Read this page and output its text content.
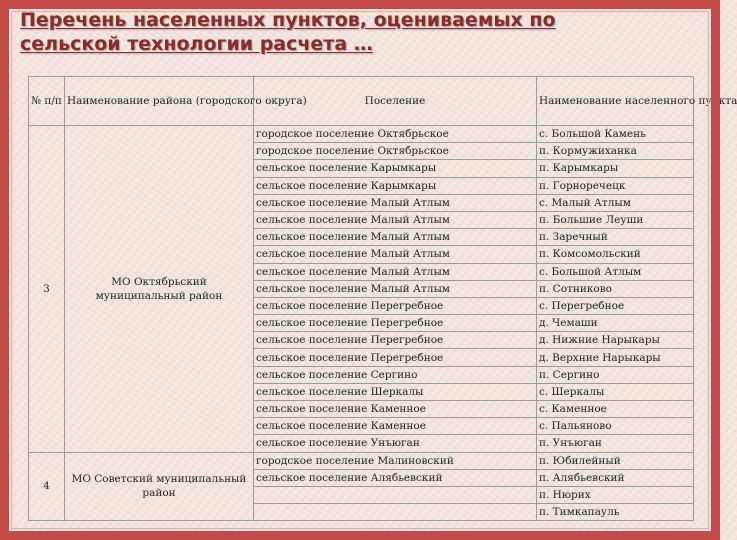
Перечень населенных пунктов, оцениваемых по сельской технологии расчета …
№ п/п	Наименование района (городского округа)	Поселение	Наименование населенного пункта
3	МО Октябрьский муниципальный район	городское поселение Октябрьское	с. Большой Камень
		городское поселение Октябрьское	п. Кормужиханка
		сельское поселение Карымкары	п. Карымкары
		сельское поселение Карымкары	п. Горноречецк
		сельское поселение Малый Атлым	с. Малый Атлым
		сельское поселение Малый Атлым	п. Большие Леуши
		сельское поселение Малый Атлым	п. Заречный
		сельское поселение Малый Атлым	п. Комсомольский
		сельское поселение Малый Атлым	с. Большой Атлым
		сельское поселение Малый Атлым	п. Сотниково
		сельское поселение Перегребное	с. Перегребное
		сельское поселение Перегребное	д. Чемаши
		сельское поселение Перегребное	д. Нижние Нарыкары
		сельское поселение Перегребное	д. Верхние Нарыкары
		сельское поселение Сергино	п. Сергино
		сельское поселение Шеркалы	с. Шеркалы
		сельское поселение Каменное	с. Каменное
		сельское поселение Каменное	с. Пальяново
		сельское поселение Унъюган	п. Унъюган
4	МО Советский муниципальный район	городское поселение Малиновский	п. Юбилейный
		сельское поселение Алябьевский	п. Алябьевский
			п. Нюрих
			п. Тимкапауль
